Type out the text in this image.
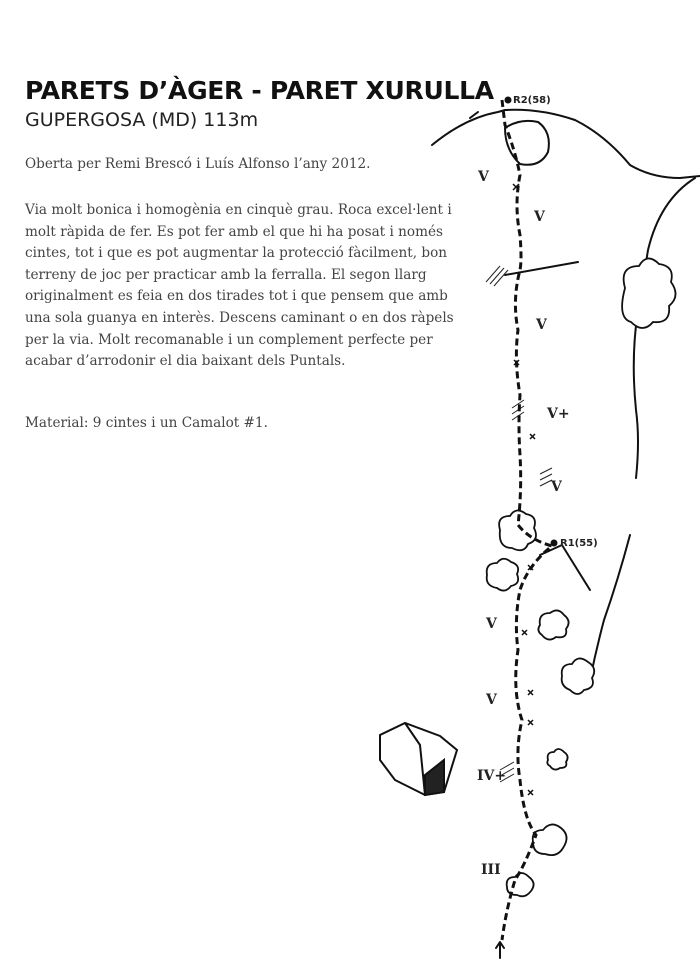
PARETS D’ÀGER - PARET XURULLA
GUPERGOSA (MD) 113m
Oberta per Remi Brescó i Luís Alfonso l’any 2012.
Via molt bonica i homogènia en cinquè grau. Roca excel·lent i molt ràpida de fer. Es pot fer amb el que hi ha posat i només cintes, tot i que es pot augmentar la protecció fàcilment, bon terreny de joc per practicar amb la ferralla. El segon llarg originalment es feia en dos tirades tot i que pensem que amb una sola guanya en interès. Descens caminant o en dos ràpels per la via. Molt recomanable i un complement perfecte per acabar d’arrodonir el dia baixant dels Puntals.
Material: 9 cintes i un Camalot #1.
R2(58)
R1(55)
V
V
V
V+
V
V
V
IV+
III
